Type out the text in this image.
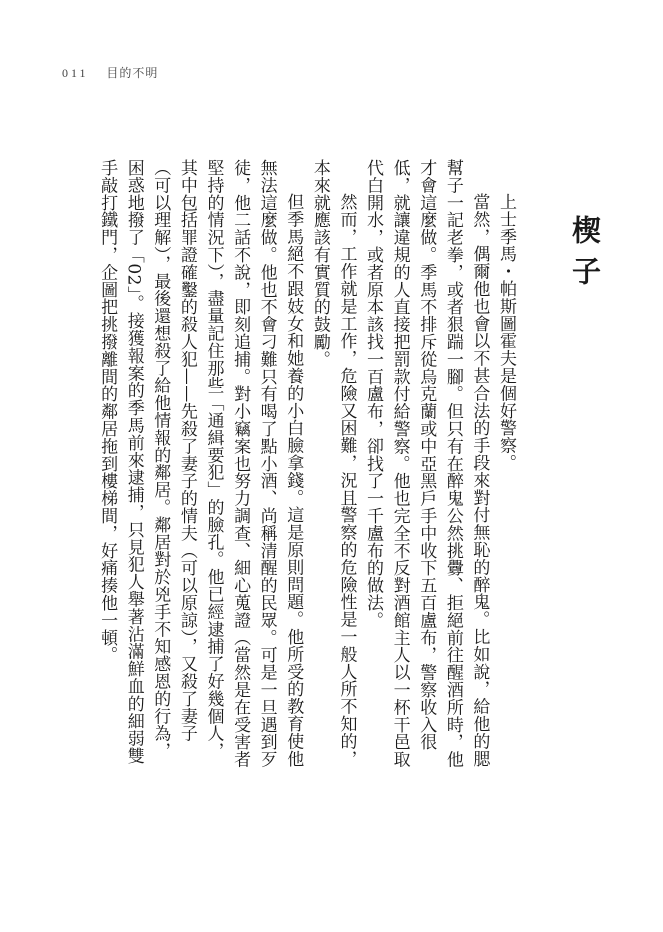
011 目的不明
楔子

上士季馬・帕斯圖霍夫是個好警察。

當然，偶爾他也會以不甚合法的手段來對付無恥的醉鬼。比如說，給他的腮幫子一記老拳，或者狠踹一腳。但只有在醉鬼公然挑釁、拒絕前往醒酒所時，他才會這麼做。季馬不排斥從烏克蘭或中亞黑戶手中收下五百盧布，警察收入很低，就讓違規的人直接把罰款付給警察。他也完全不反對酒館主人以一杯干邑取代白開水，或者原本該找一百盧布，卻找了一千盧布的做法。

然而，工作就是工作，危險又困難，況且警察的危險性是一般人所不知的，本來就應該有實質的鼓勵。

但季馬絕不跟妓女和她養的小白臉拿錢。這是原則問題。他所受的教育使他無法這麼做。他也不會刁難只有喝了點小酒、尚稱清醒的民眾。可是一旦遇到歹徒，他二話不說，即刻追捕。對小竊案也努力調查、細心蒐證（當然是在受害者堅持的情況下），盡量記住那些「通緝要犯」的臉孔。他已經逮捕了好幾個人，其中包括罪證確鑿的殺人犯——先殺了妻子的情夫（可以原諒），又殺了妻子（可以理解），最後還想殺了給他情報的鄰居。鄰居對於兇手不知感恩的行為，困惑地撥了「02」。接獲報案的季馬前來逮捕，只見犯人舉著沾滿鮮血的細弱雙手敲打鐵門，企圖把挑撥離間的鄰居拖到樓梯間，好痛揍他一頓。
